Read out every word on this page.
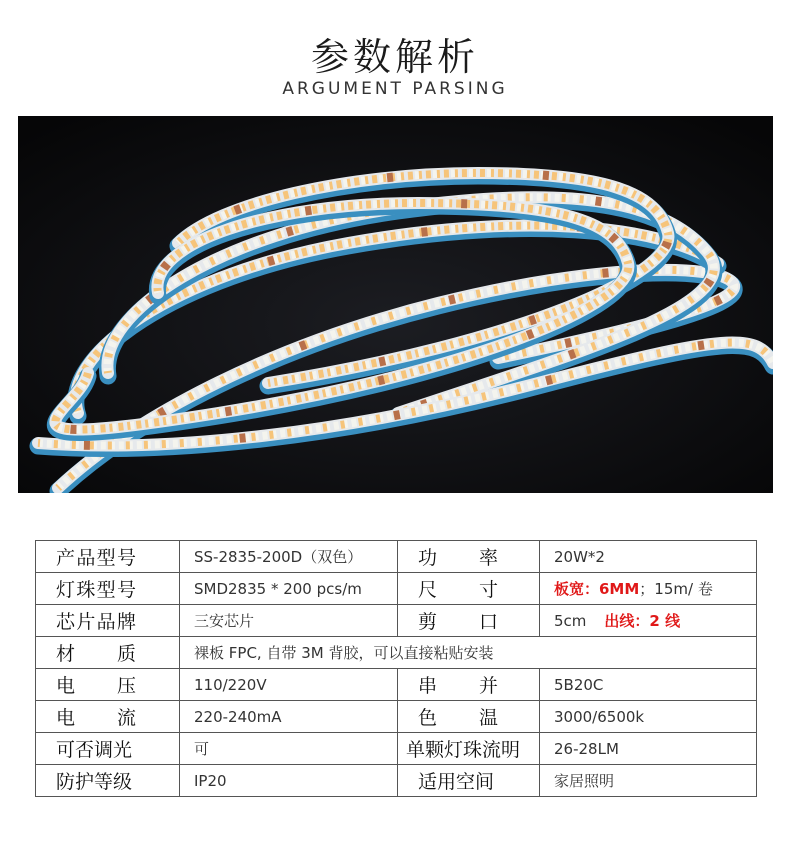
参数解析
ARGUMENT PARSING
产 品 型 号	SS-2835-200D（双色）	功 率	20W*2

灯 珠 型 号	SMD2835 * 200 pcs/m	尺 寸	板宽：6MM；15m/ 卷

芯 片 品 牌	三安芯片	剪 口	5cm 出线：2 线

材 质	裸板 FPC, 自带 3M 背胶，可以直接粘贴安装		

电 压	110/220V	串 并	5B20C

电 流	220-240mA	色 温	3000/6500k
可否调光	可	单颗灯珠流明	26-28LM
防护等级	IP20	适用空间	家居照明
